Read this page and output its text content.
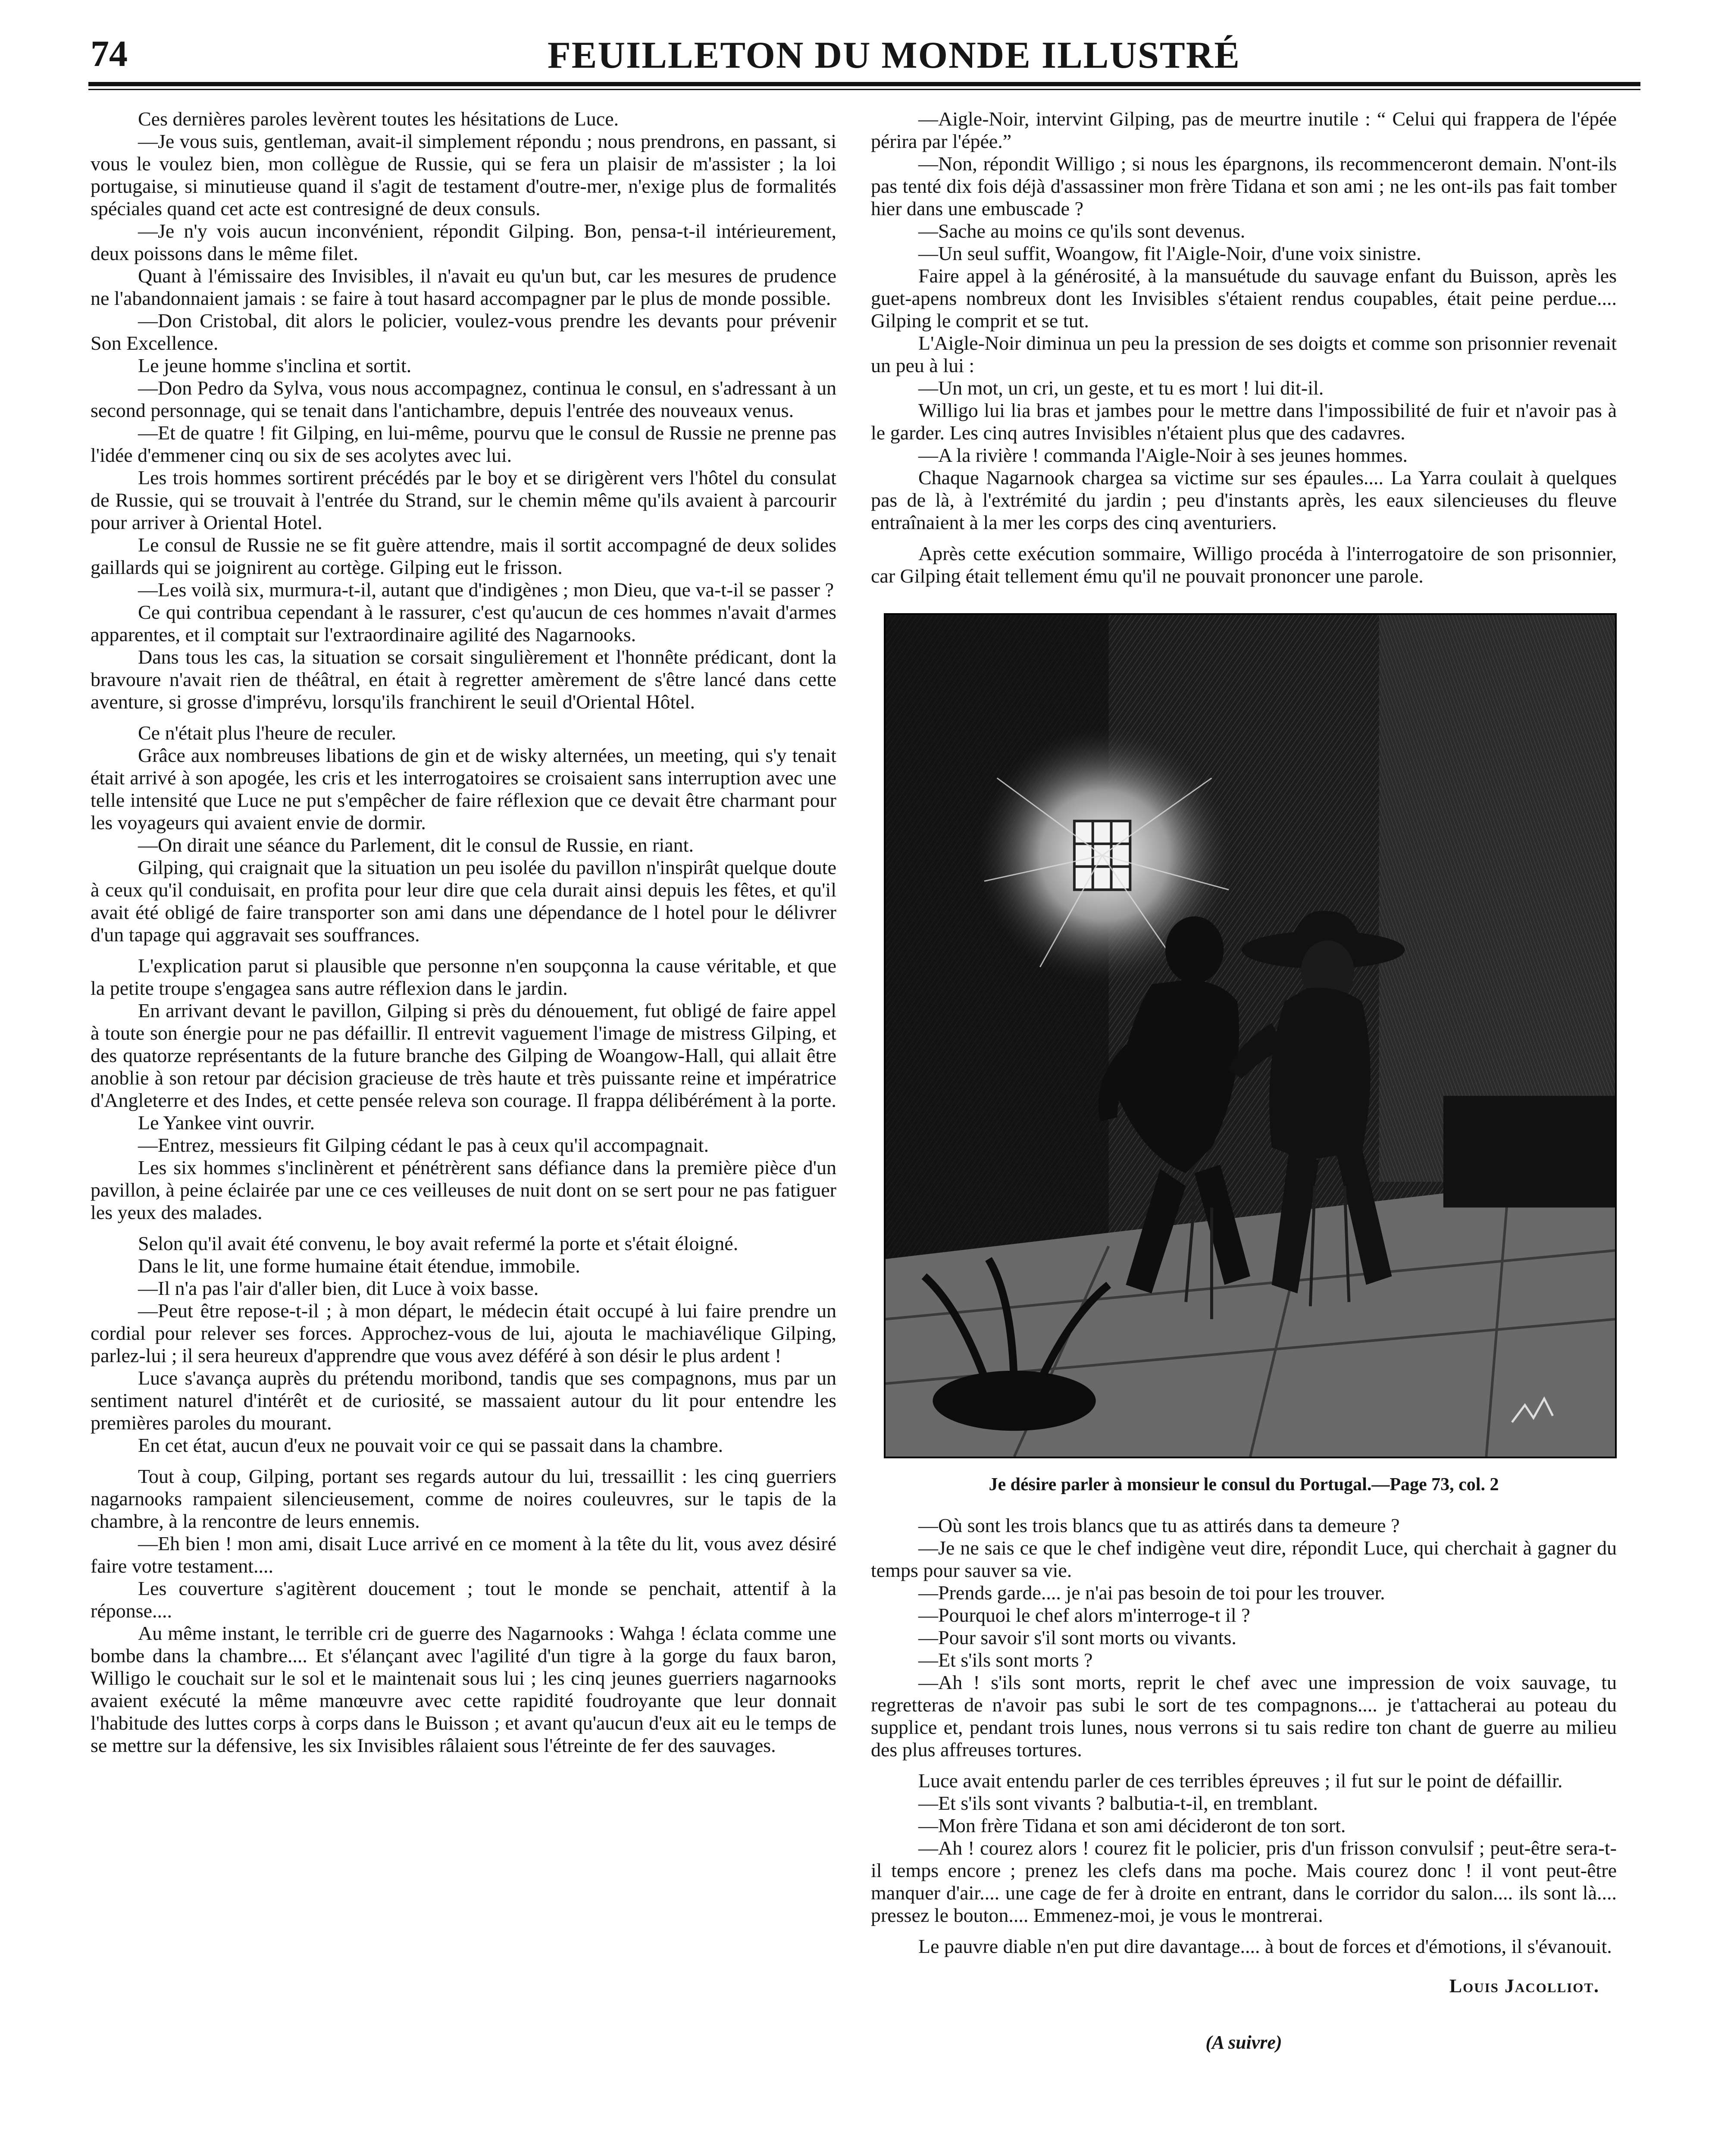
74	FEUILLETON DU MONDE ILLUSTRÉ

Ces dernières paroles levèrent toutes les hésitations de Luce.

—Je vous suis, gentleman, avait-il simplement répondu ; nous prendrons, en passant, si vous le voulez bien, mon collègue de Russie, qui se fera un plaisir de m'assister ; la loi portugaise, si minutieuse quand il s'agit de testament d'outre-mer, n'exige plus de formalités spéciales quand cet acte est contresigné de deux consuls.

—Je n'y vois aucun inconvénient, répondit Gilping. Bon, pensa-t-il intérieurement, deux poissons dans le même filet.

Quant à l'émissaire des Invisibles, il n'avait eu qu'un but, car les mesures de prudence ne l'abandonnaient jamais : se faire à tout hasard accompagner par le plus de monde possible.

—Don Cristobal, dit alors le policier, voulez-vous prendre les devants pour prévenir Son Excellence.

Le jeune homme s'inclina et sortit.

—Don Pedro da Sylva, vous nous accompagnez, continua le consul, en s'adressant à un second personnage, qui se tenait dans l'antichambre, depuis l'entrée des nouveaux venus.

—Et de quatre ! fit Gilping, en lui-même, pourvu que le consul de Russie ne prenne pas l'idée d'emmener cinq ou six de ses acolytes avec lui.

Les trois hommes sortirent précédés par le boy et se dirigèrent vers l'hôtel du consulat de Russie, qui se trouvait à l'entrée du Strand, sur le chemin même qu'ils avaient à parcourir pour arriver à Oriental Hotel.

Le consul de Russie ne se fit guère attendre, mais il sortit accompagné de deux solides gaillards qui se joignirent au cortège. Gilping eut le frisson.

—Les voilà six, murmura-t-il, autant que d'indigènes ; mon Dieu, que va-t-il se passer ?

Ce qui contribua cependant à le rassurer, c'est qu'aucun de ces hommes n'avait d'armes apparentes, et il comptait sur l'extraordinaire agilité des Nagarnooks.

Dans tous les cas, la situation se corsait singulièrement et l'honnête prédicant, dont la bravoure n'avait rien de théâtral, en était à regretter amèrement de s'être lancé dans cette aventure, si grosse d'imprévu, lorsqu'ils franchirent le seuil d'Oriental Hôtel.

Ce n'était plus l'heure de reculer.

Grâce aux nombreuses libations de gin et de wisky alternées, un meeting, qui s'y tenait était arrivé à son apogée, les cris et les interrogatoires se croisaient sans interruption avec une telle intensité que Luce ne put s'empêcher de faire réflexion que ce devait être charmant pour les voyageurs qui avaient envie de dormir.

—On dirait une séance du Parlement, dit le consul de Russie, en riant.

Gilping, qui craignait que la situation un peu isolée du pavillon n'inspirât quelque doute à ceux qu'il conduisait, en profita pour leur dire que cela durait ainsi depuis les fêtes, et qu'il avait été obligé de faire transporter son ami dans une dépendance de l hotel pour le délivrer d'un tapage qui aggravait ses souffrances.

L'explication parut si plausible que personne n'en soupçonna la cause véritable, et que la petite troupe s'engagea sans autre réflexion dans le jardin.

En arrivant devant le pavillon, Gilping si près du dénouement, fut obligé de faire appel à toute son énergie pour ne pas défaillir. Il entrevit vaguement l'image de mistress Gilping, et des quatorze représentants de la future branche des Gilping de Woangow-Hall, qui allait être anoblie à son retour par décision gracieuse de très haute et très puissante reine et impératrice d'Angleterre et des Indes, et cette pensée releva son courage. Il frappa délibérément à la porte.

Le Yankee vint ouvrir.

—Entrez, messieurs fit Gilping cédant le pas à ceux qu'il accompagnait.

Les six hommes s'inclinèrent et pénétrèrent sans défiance dans la première pièce d'un pavillon, à peine éclairée par une ce ces veilleuses de nuit dont on se sert pour ne pas fatiguer les yeux des malades.

Selon qu'il avait été convenu, le boy avait refermé la porte et s'était éloigné.

Dans le lit, une forme humaine était étendue, immobile.

—Il n'a pas l'air d'aller bien, dit Luce à voix basse.

—Peut être repose-t-il ; à mon départ, le médecin était occupé à lui faire prendre un cordial pour relever ses forces. Approchez-vous de lui, ajouta le machiavélique Gilping, parlez-lui ; il sera heureux d'apprendre que vous avez déféré à son désir le plus ardent !

Luce s'avança auprès du prétendu moribond, tandis que ses compagnons, mus par un sentiment naturel d'intérêt et de curiosité, se massaient autour du lit pour entendre les premières paroles du mourant.

En cet état, aucun d'eux ne pouvait voir ce qui se passait dans la chambre.

Tout à coup, Gilping, portant ses regards autour du lui, tressaillit : les cinq guerriers nagarnooks rampaient silencieusement, comme de noires couleuvres, sur le tapis de la chambre, à la rencontre de leurs ennemis.

—Eh bien ! mon ami, disait Luce arrivé en ce moment à la tête du lit, vous avez désiré faire votre testament....

Les couverture s'agitèrent doucement ; tout le monde se penchait, attentif à la réponse....

Au même instant, le terrible cri de guerre des Nagarnooks : Wahga ! éclata comme une bombe dans la chambre.... Et s'élançant avec l'agilité d'un tigre à la gorge du faux baron, Willigo le couchait sur le sol et le maintenait sous lui ; les cinq jeunes guerriers nagarnooks avaient exécuté la même manœuvre avec cette rapidité foudroyante que leur donnait l'habitude des luttes corps à corps dans le Buisson ; et avant qu'aucun d'eux ait eu le temps de se mettre sur la défensive, les six Invisibles râlaient sous l'étreinte de fer des sauvages.

—Aigle-Noir, intervint Gilping, pas de meurtre inutile : “ Celui qui frappera de l'épée périra par l'épée.”

—Non, répondit Willigo ; si nous les épargnons, ils recommenceront demain. N'ont-ils pas tenté dix fois déjà d'assassiner mon frère Tidana et son ami ; ne les ont-ils pas fait tomber hier dans une embuscade ?

—Sache au moins ce qu'ils sont devenus.

—Un seul suffit, Woangow, fit l'Aigle-Noir, d'une voix sinistre.

Faire appel à la générosité, à la mansuétude du sauvage enfant du Buisson, après les guet-apens nombreux dont les Invisibles s'étaient rendus coupables, était peine perdue.... Gilping le comprit et se tut.

L'Aigle-Noir diminua un peu la pression de ses doigts et comme son prisonnier revenait un peu à lui :

—Un mot, un cri, un geste, et tu es mort ! lui dit-il.

Willigo lui lia bras et jambes pour le mettre dans l'impossibilité de fuir et n'avoir pas à le garder. Les cinq autres Invisibles n'étaient plus que des cadavres.

—A la rivière ! commanda l'Aigle-Noir à ses jeunes hommes.

Chaque Nagarnook chargea sa victime sur ses épaules.... La Yarra coulait à quelques pas de là, à l'extrémité du jardin ; peu d'instants après, les eaux silencieuses du fleuve entraînaient à la mer les corps des cinq aventuriers.

Après cette exécution sommaire, Willigo procéda à l'interrogatoire de son prisonnier, car Gilping était tellement ému qu'il ne pouvait prononcer une parole.

Je désire parler à monsieur le consul du Portugal.—Page 73, col. 2

—Où sont les trois blancs que tu as attirés dans ta demeure ?

—Je ne sais ce que le chef indigène veut dire, répondit Luce, qui cherchait à gagner du temps pour sauver sa vie.

—Prends garde.... je n'ai pas besoin de toi pour les trouver.

—Pourquoi le chef alors m'interroge-t il ?

—Pour savoir s'il sont morts ou vivants.

—Et s'ils sont morts ?

—Ah ! s'ils sont morts, reprit le chef avec une impression de voix sauvage, tu regretteras de n'avoir pas subi le sort de tes compagnons.... je t'attacherai au poteau du supplice et, pendant trois lunes, nous verrons si tu sais redire ton chant de guerre au milieu des plus affreuses tortures.

Luce avait entendu parler de ces terribles épreuves ; il fut sur le point de défaillir.

—Et s'ils sont vivants ? balbutia-t-il, en tremblant.

—Mon frère Tidana et son ami décideront de ton sort.

—Ah ! courez alors ! courez fit le policier, pris d'un frisson convulsif ; peut-être sera-t-il temps encore ; prenez les clefs dans ma poche. Mais courez donc ! il vont peut-être manquer d'air.... une cage de fer à droite en entrant, dans le corridor du salon.... ils sont là.... pressez le bouton.... Emmenez-moi, je vous le montrerai.

Le pauvre diable n'en put dire davantage.... à bout de forces et d'émotions, il s'évanouit.

Louis Jacolliot.
(A suivre)
